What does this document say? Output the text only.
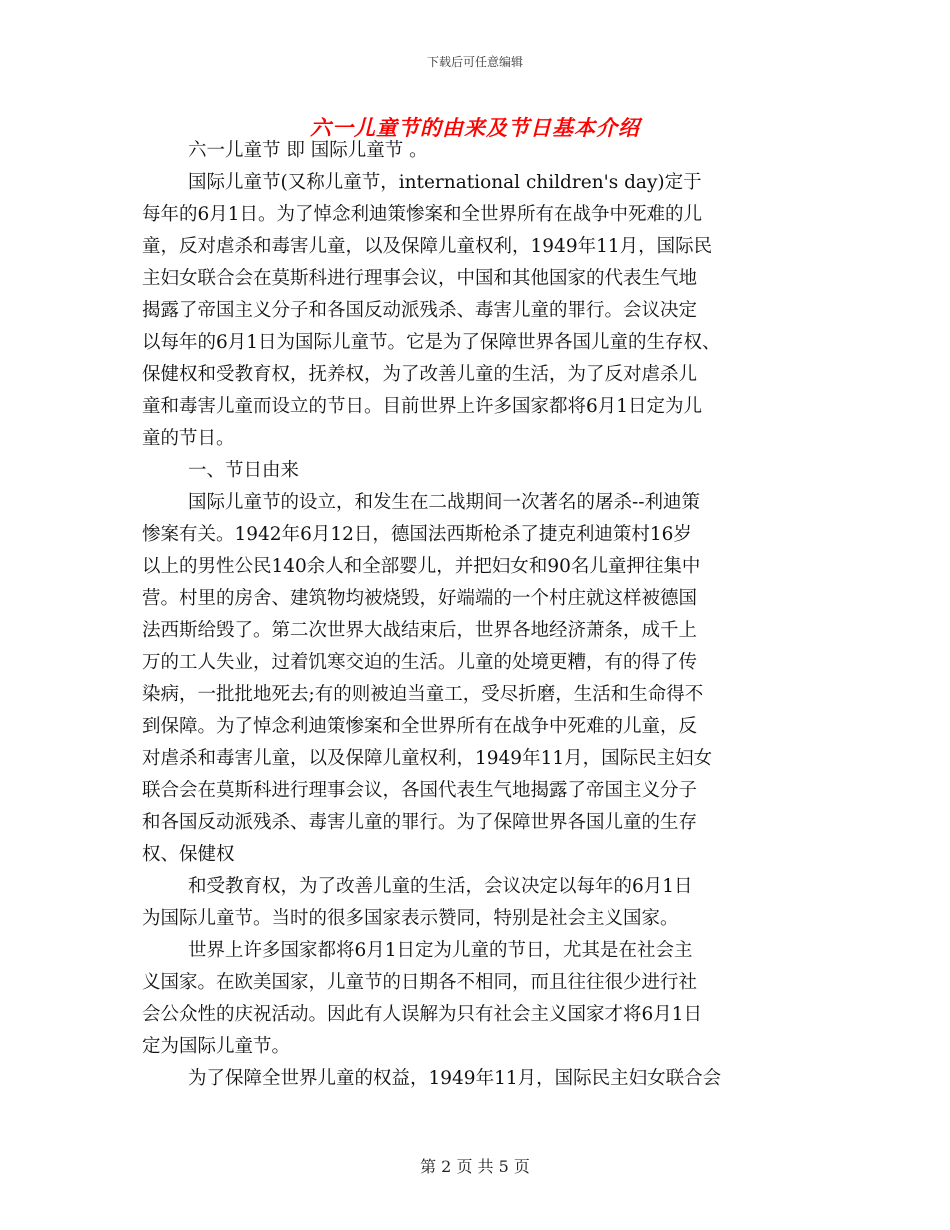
下载后可任意编辑
六一儿童节的由来及节日基本介绍
六一儿童节 即 国际儿童节 。
国际儿童节(又称儿童节，international children's day)定于
每年的6月1日。为了悼念利迪策惨案和全世界所有在战争中死难的儿
童，反对虐杀和毒害儿童，以及保障儿童权利，1949年11月，国际民
主妇女联合会在莫斯科进行理事会议，中国和其他国家的代表生气地
揭露了帝国主义分子和各国反动派残杀、毒害儿童的罪行。会议决定
以每年的6月1日为国际儿童节。它是为了保障世界各国儿童的生存权、
保健权和受教育权，抚养权，为了改善儿童的生活，为了反对虐杀儿
童和毒害儿童而设立的节日。目前世界上许多国家都将6月1日定为儿
童的节日。
一、节日由来
国际儿童节的设立，和发生在二战期间一次著名的屠杀--利迪策
惨案有关。1942年6月12日，德国法西斯枪杀了捷克利迪策村16岁
以上的男性公民140余人和全部婴儿，并把妇女和90名儿童押往集中
营。村里的房舍、建筑物均被烧毁，好端端的一个村庄就这样被德国
法西斯给毁了。第二次世界大战结束后，世界各地经济萧条，成千上
万的工人失业，过着饥寒交迫的生活。儿童的处境更糟，有的得了传
染病，一批批地死去;有的则被迫当童工，受尽折磨，生活和生命得不
到保障。为了悼念利迪策惨案和全世界所有在战争中死难的儿童，反
对虐杀和毒害儿童，以及保障儿童权利，1949年11月，国际民主妇女
联合会在莫斯科进行理事会议，各国代表生气地揭露了帝国主义分子
和各国反动派残杀、毒害儿童的罪行。为了保障世界各国儿童的生存
权、保健权
和受教育权，为了改善儿童的生活，会议决定以每年的6月1日
为国际儿童节。当时的很多国家表示赞同，特别是社会主义国家。
世界上许多国家都将6月1日定为儿童的节日，尤其是在社会主
义国家。在欧美国家，儿童节的日期各不相同，而且往往很少进行社
会公众性的庆祝活动。因此有人误解为只有社会主义国家才将6月1日
定为国际儿童节。
为了保障全世界儿童的权益，1949年11月，国际民主妇女联合会
第 2 页 共 5 页
